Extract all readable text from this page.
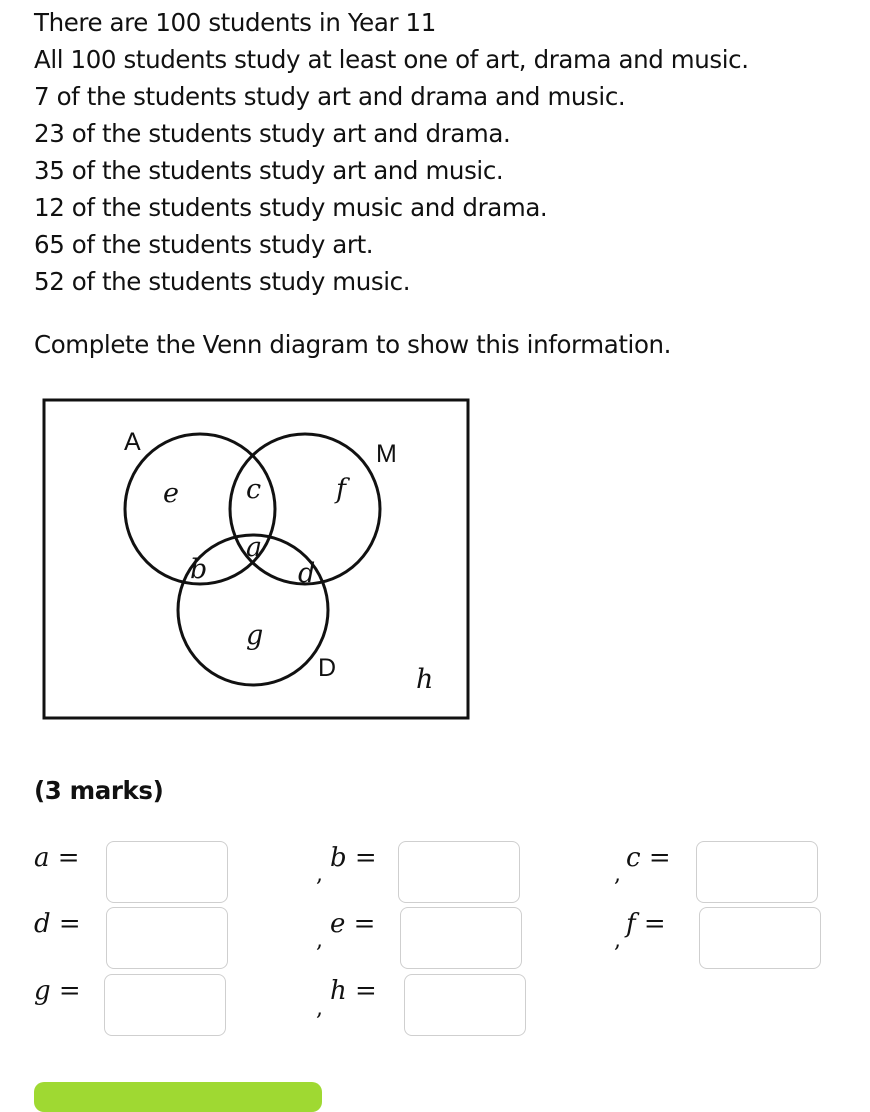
There are 100 students in Year 11
All 100 students study at least one of art, drama and music.
7 of the students study art and drama and music.
23 of the students study art and drama.
35 of the students study art and music.
12 of the students study music and drama.
65 of the students study art.
52 of the students study music.
Complete the Venn diagram to show this information.
A	M
D
e c	f
a
b	d
g
h
(3 marks)
a =
,
b =
,
c =
d =
,
e =
,
f =
g =
,
h =
